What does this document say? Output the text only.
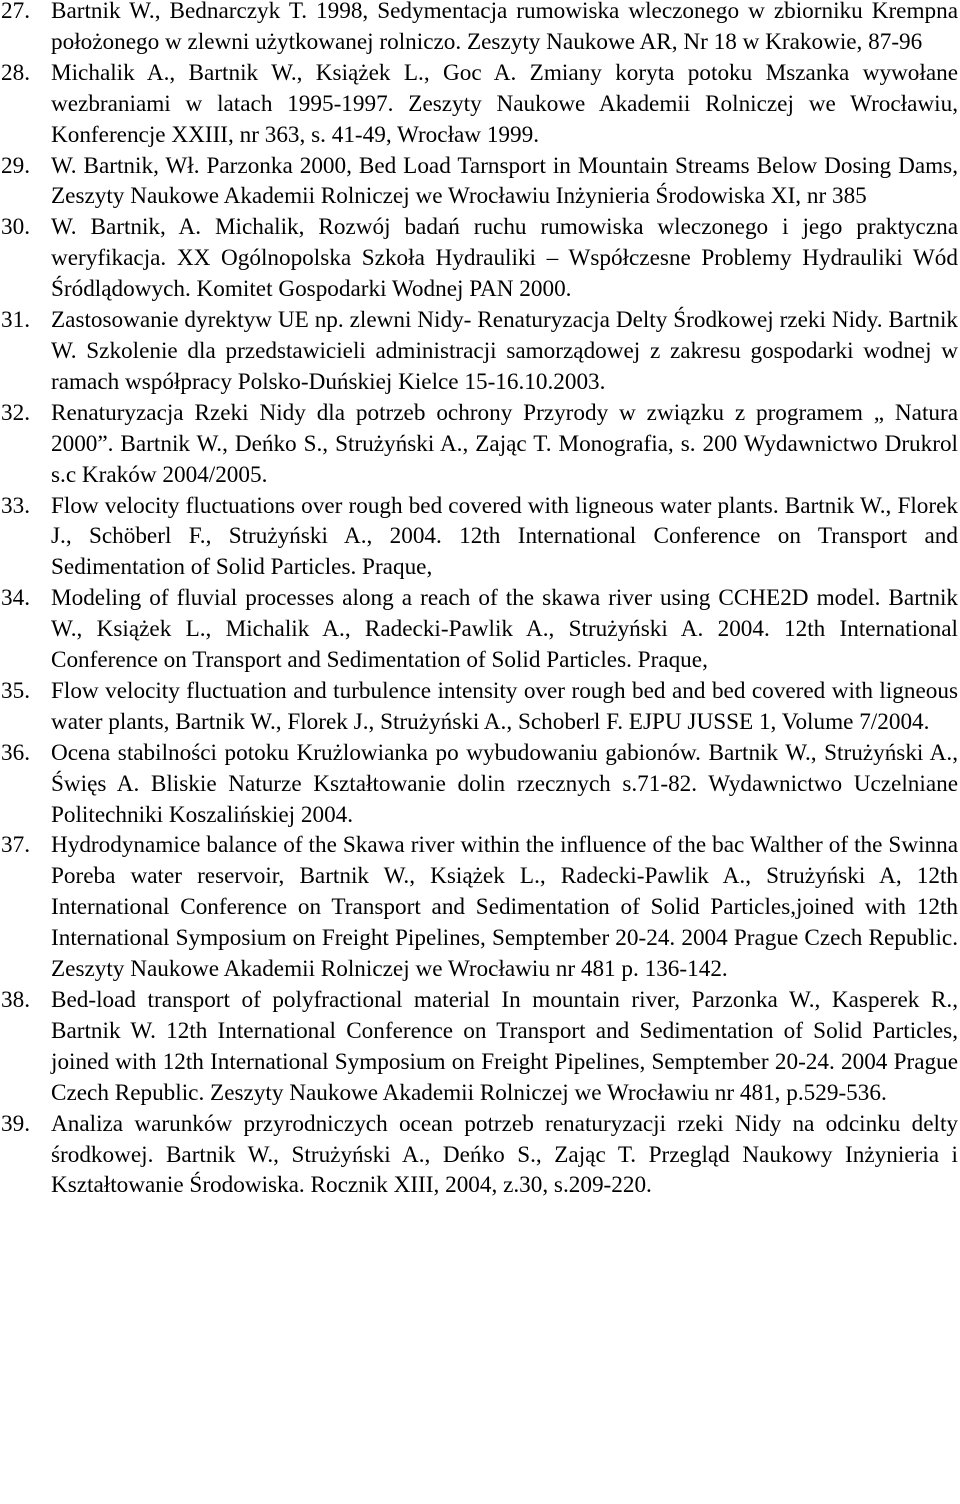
27. Bartnik W., Bednarczyk T. 1998, Sedymentacja rumowiska wleczonego w zbiorniku Krempna położonego w zlewni użytkowanej rolniczo. Zeszyty Naukowe AR, Nr 18 w Krakowie, 87-96
28. Michalik A., Bartnik W., Książek L., Goc A. Zmiany koryta potoku Mszanka wywołane wezbraniami w latach 1995-1997. Zeszyty Naukowe Akademii Rolniczej we Wrocławiu, Konferencje XXIII, nr 363, s. 41-49, Wrocław 1999.
29. W. Bartnik, Wł. Parzonka 2000, Bed Load Tarnsport in Mountain Streams Below Dosing Dams, Zeszyty Naukowe Akademii Rolniczej we Wrocławiu Inżynieria Środowiska XI, nr 385
30. W. Bartnik, A. Michalik, Rozwój badań ruchu rumowiska wleczonego i jego praktyczna weryfikacja. XX Ogólnopolska Szkoła Hydrauliki – Współczesne Problemy Hydrauliki Wód Śródlądowych. Komitet Gospodarki Wodnej PAN 2000.
31. Zastosowanie dyrektyw UE np. zlewni Nidy- Renaturyzacja Delty Środkowej rzeki Nidy. Bartnik W. Szkolenie dla przedstawicieli administracji samorządowej z zakresu gospodarki wodnej w ramach współpracy Polsko-Duńskiej Kielce 15-16.10.2003.
32. Renaturyzacja Rzeki Nidy dla potrzeb ochrony Przyrody w związku z programem „ Natura 2000”. Bartnik W., Deńko S., Strużyński A., Zając T. Monografia, s. 200 Wydawnictwo Drukrol s.c Kraków 2004/2005.
33. Flow velocity fluctuations over rough bed covered with ligneous water plants. Bartnik W., Florek J., Schöberl F., Strużyński A., 2004. 12th International Conference on Transport and Sedimentation of Solid Particles. Praque,
34. Modeling of fluvial processes along a reach of the skawa river using CCHE2D model. Bartnik W., Książek L., Michalik A., Radecki-Pawlik A., Strużyński A. 2004. 12th International Conference on Transport and Sedimentation of Solid Particles. Praque,
35. Flow velocity fluctuation and turbulence intensity over rough bed and bed covered with ligneous water plants, Bartnik W., Florek J., Strużyński A., Schoberl F. EJPU JUSSE 1, Volume 7/2004.
36. Ocena stabilności potoku Krużlowianka po wybudowaniu gabionów. Bartnik W., Strużyński A., Święs A. Bliskie Naturze Kształtowanie dolin rzecznych s.71-82. Wydawnictwo Uczelniane Politechniki Koszalińskiej 2004.
37. Hydrodynamice balance of the Skawa river within the influence of the bac Walther of the Swinna Poreba water reservoir, Bartnik W., Książek L., Radecki-Pawlik A., Strużyński A, 12th International Conference on Transport and Sedimentation of Solid Particles,joined with 12th International Symposium on Freight Pipelines, Semptember 20-24. 2004 Prague Czech Republic. Zeszyty Naukowe Akademii Rolniczej we Wrocławiu nr 481 p. 136-142.
38. Bed-load transport of polyfractional material In mountain river, Parzonka W., Kasperek R., Bartnik W. 12th International Conference on Transport and Sedimentation of Solid Particles, joined with 12th International Symposium on Freight Pipelines, Semptember 20-24. 2004 Prague Czech Republic. Zeszyty Naukowe Akademii Rolniczej we Wrocławiu nr 481, p.529-536.
39. Analiza warunków przyrodniczych ocean potrzeb renaturyzacji rzeki Nidy na odcinku delty środkowej. Bartnik W., Strużyński A., Deńko S., Zając T. Przegląd Naukowy Inżynieria i Kształtowanie Środowiska. Rocznik XIII, 2004, z.30, s.209-220.
